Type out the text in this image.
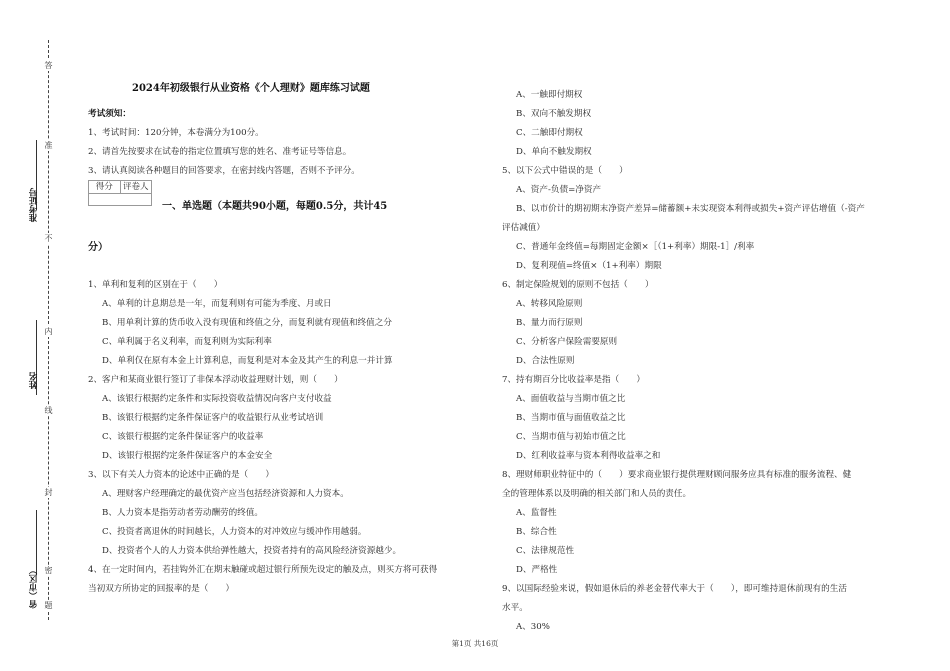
答
准
不
内
线
封
密
题
准考证号
姓名
省（市区）
2024年初级银行从业资格《个人理财》题库练习试题
考试须知：
1、考试时间：120分钟，本卷满分为100分。
2、请首先按要求在试卷的指定位置填写您的姓名、准考证号等信息。
3、请认真阅读各种题目的回答要求，在密封线内答题，否则不予评分。
得分	评卷人
一、单选题（本题共90小题，每题0.5分，共计45
分）
1、单利和复利的区别在于（　　）
A、单利的计息期总是一年，而复利则有可能为季度、月或日
B、用单利计算的货币收入没有现值和终值之分，而复利就有现值和终值之分
C、单利属于名义利率，而复利则为实际利率
D、单利仅在原有本金上计算利息，而复利是对本金及其产生的利息一并计算
2、客户和某商业银行签订了非保本浮动收益理财计划，则（　　）
A、该银行根据约定条件和实际投资收益情况向客户支付收益
B、该银行根据约定条件保证客户的收益银行从业考试培训
C、该银行根据约定条件保证客户的收益率
D、该银行根据约定条件保证客户的本金安全
3、以下有关人力资本的论述中正确的是（　　）
A、理财客户经理确定的最优资产应当包括经济资源和人力资本。
B、人力资本是指劳动者劳动酬劳的终值。
C、投资者离退休的时间越长，人力资本的对冲效应与缓冲作用越弱。
D、投资者个人的人力资本供给弹性越大，投资者持有的高风险经济资源越少。
4、在一定时间内，若挂钩外汇在期末触碰或超过银行所预先设定的触及点，则买方将可获得
当初双方所协定的回报率的是（　　）
A、一触即付期权
B、双向不触发期权
C、二触即付期权
D、单向不触发期权
5、以下公式中错误的是（　　）
A、资产-负债=净资产
B、以市价计的期初期末净资产差异=储蓄额+未实现资本利得或损失+资产评估增值（-资产
评估减值）
C、普通年金终值=每期固定金额×［（1+利率）期限-1］/利率
D、复利现值=终值×（1+利率）期限
6、制定保险规划的原则不包括（　　）
A、转移风险原则
B、量力而行原则
C、分析客户保险需要原则
D、合法性原则
7、持有期百分比收益率是指（　　）
A、面值收益与当期市值之比
B、当期市值与面值收益之比
C、当期市值与初始市值之比
D、红利收益率与资本利得收益率之和
8、理财师职业特征中的（　　）要求商业银行提供理财顾问服务应具有标准的服务流程、健
全的管理体系以及明确的相关部门和人员的责任。
A、监督性
B、综合性
C、法律规范性
D、严格性
9、以国际经验来说，假如退休后的养老金替代率大于（　　），即可维持退休前现有的生活
水平。
A、30%
第1页 共16页
